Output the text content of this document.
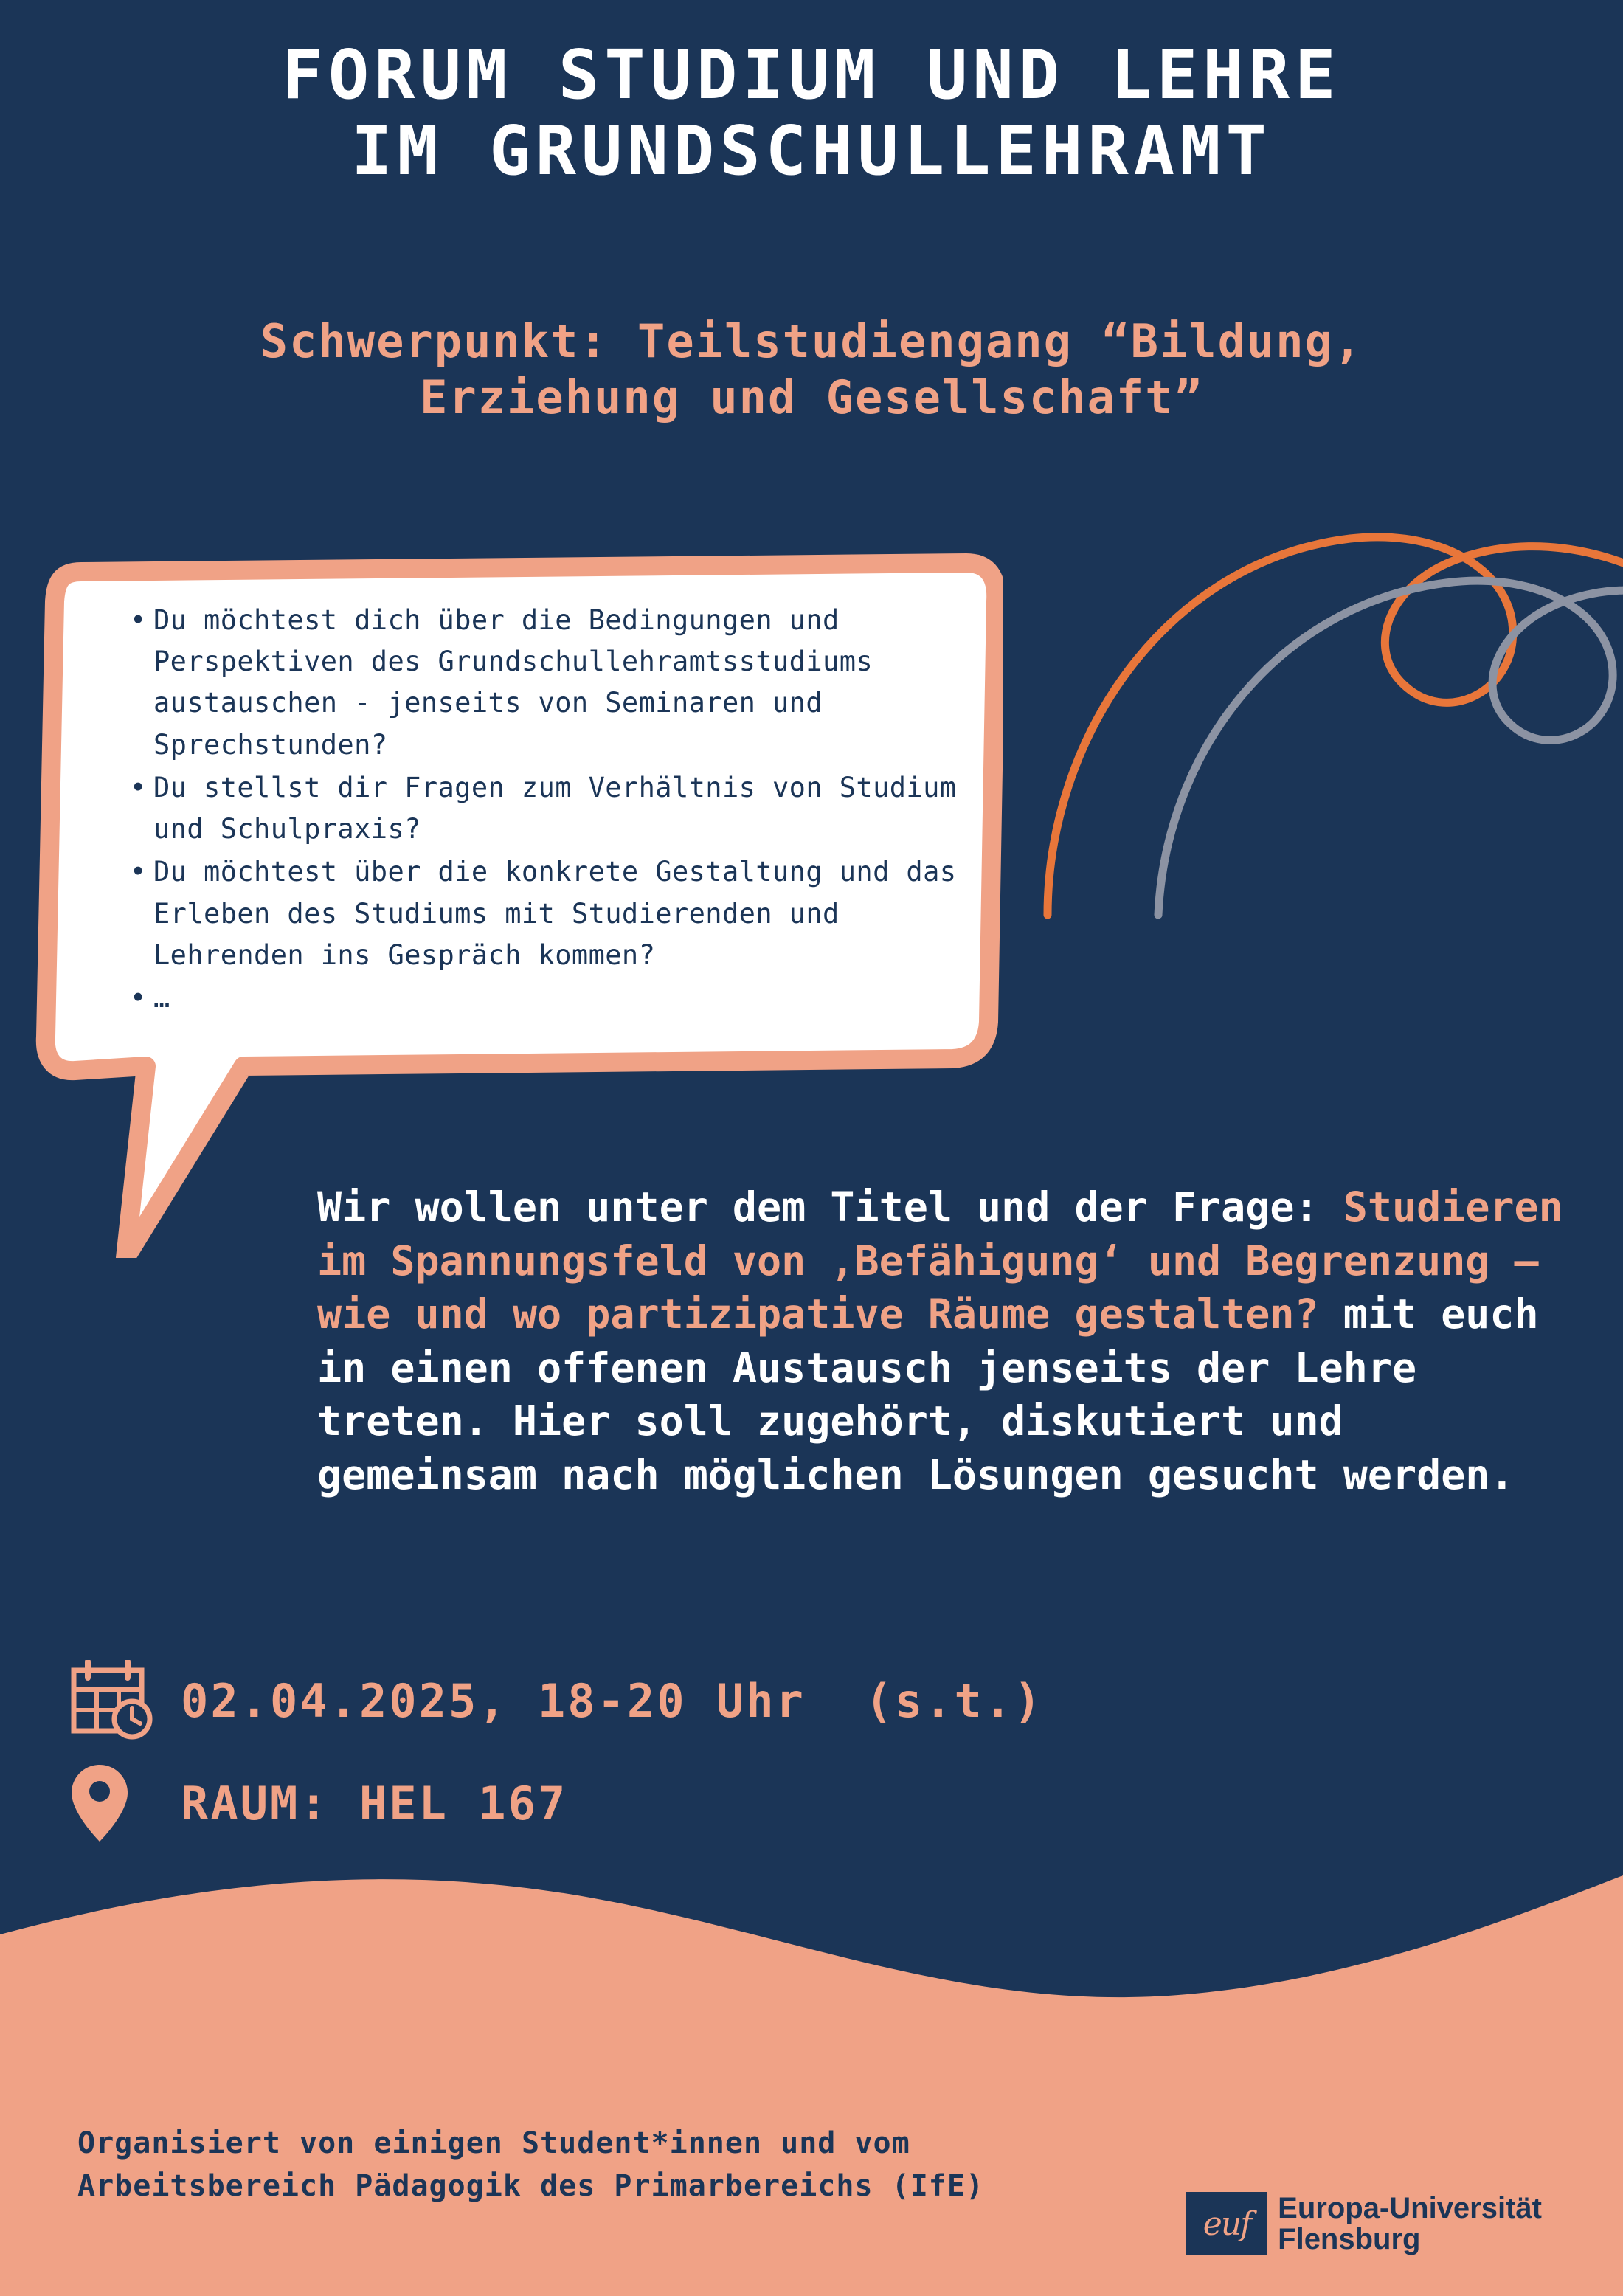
FORUM STUDIUM UND LEHRE
IM GRUNDSCHULLEHRAMT
Schwerpunkt: Teilstudiengang “Bildung,
Erziehung und Gesellschaft”
• Du möchtest dich über die Bedingungen und Perspektiven des Grundschullehramtsstudiums austauschen - jenseits von Seminaren und Sprechstunden?
• Du stellst dir Fragen zum Verhältnis von Studium und Schulpraxis?
• Du möchtest über die konkrete Gestaltung und das Erleben des Studiums mit Studierenden und Lehrenden ins Gespräch kommen?
• …
Wir wollen unter dem Titel und der Frage: Studieren im Spannungsfeld von ‚Befähigung‘ und Begrenzung – wie und wo partizipative Räume gestalten? mit euch in einen offenen Austausch jenseits der Lehre treten. Hier soll zugehört, diskutiert und gemeinsam nach möglichen Lösungen gesucht werden.
02.04.2025, 18-20 Uhr  (s.t.)
RAUM: HEL 167
Organisiert von einigen Student*innen und vom
Arbeitsbereich Pädagogik des Primarbereichs (IfE)
euf Europa-Universität
Flensburg
